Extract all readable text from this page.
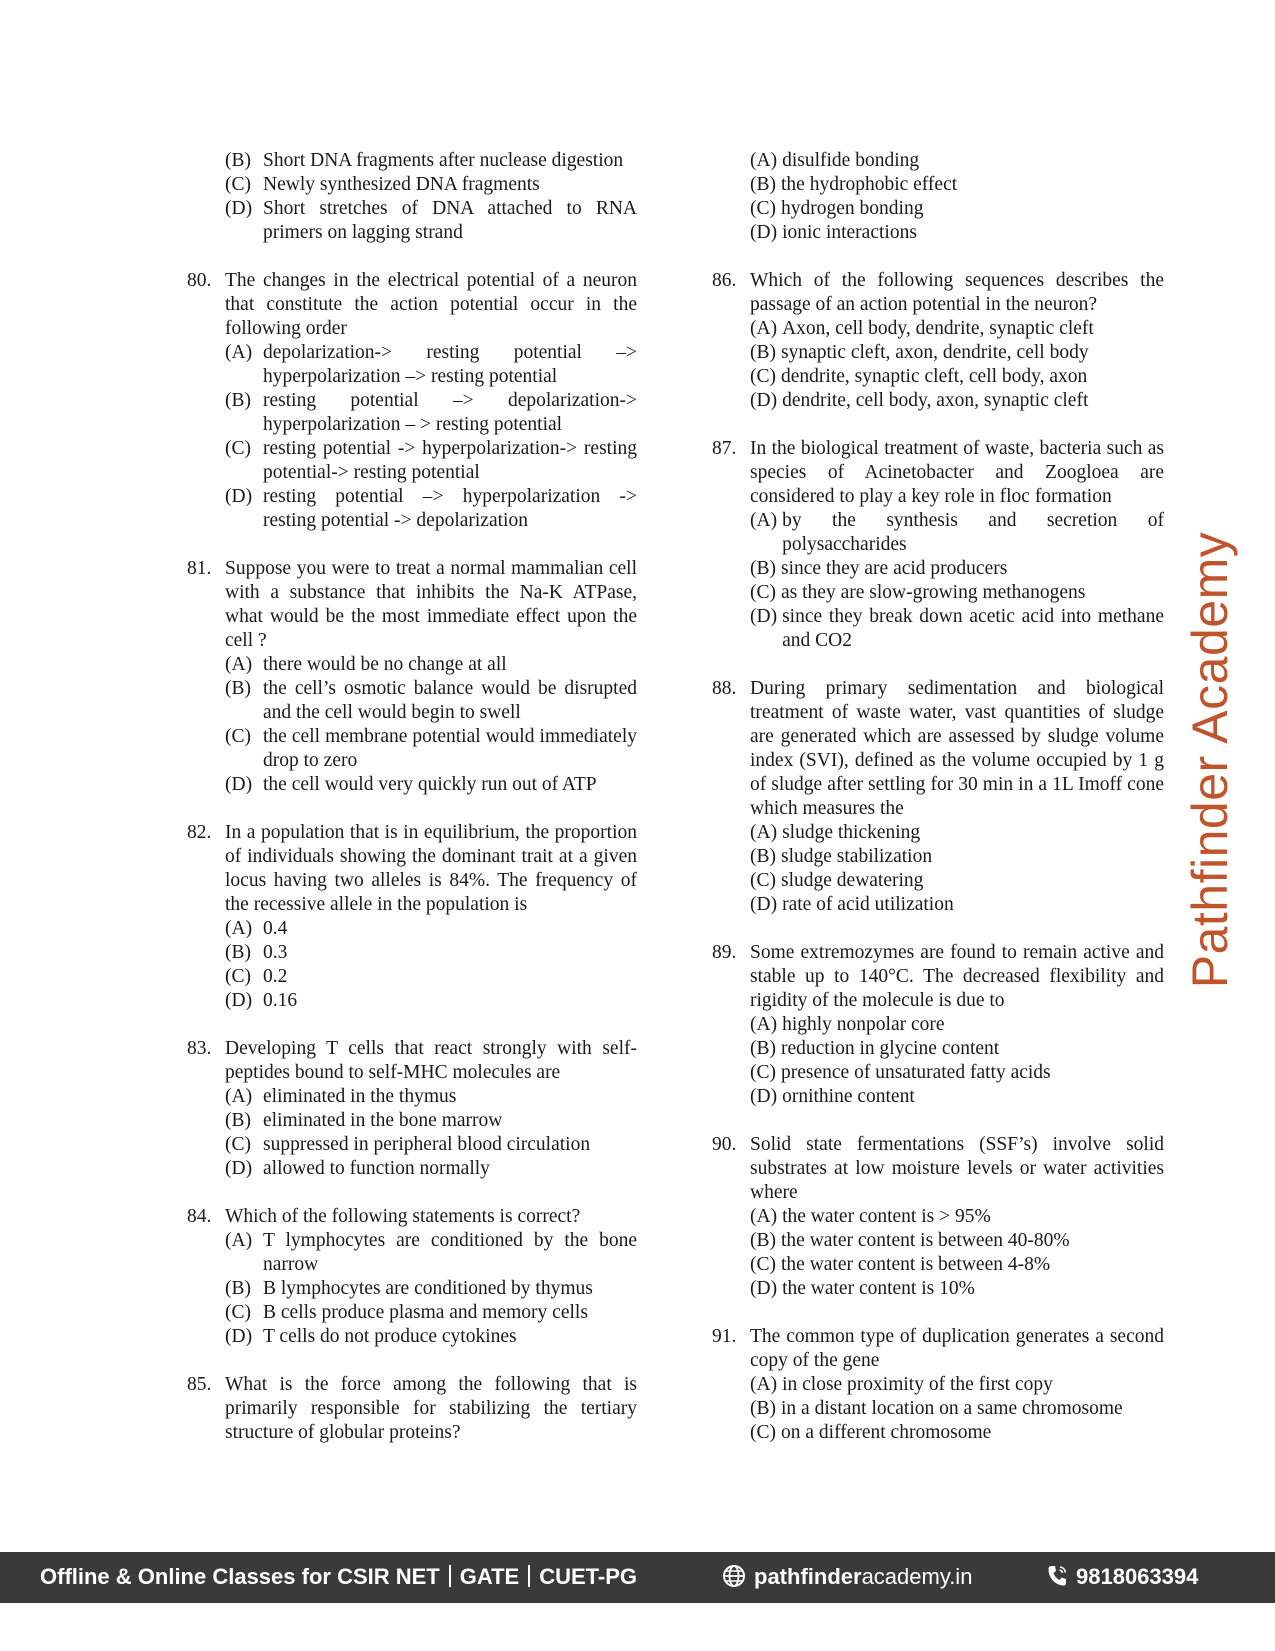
(B) Short DNA fragments after nuclease digestion
(C) Newly synthesized DNA fragments
(D) Short stretches of DNA attached to RNA primers on lagging strand
80. The changes in the electrical potential of a neuron that constitute the action potential occur in the following order
(A) depolarization-> resting potential –> hyperpolarization –> resting potential
(B) resting potential –> depolarization-> hyperpolarization – > resting potential
(C) resting potential -> hyperpolarization-> resting potential-> resting potential
(D) resting potential –> hyperpolarization -> resting potential -> depolarization
81. Suppose you were to treat a normal mammalian cell with a substance that inhibits the Na-K ATPase, what would be the most immediate effect upon the cell ?
(A) there would be no change at all
(B) the cell’s osmotic balance would be disrupted and the cell would begin to swell
(C) the cell membrane potential would immediately drop to zero
(D) the cell would very quickly run out of ATP
82. In a population that is in equilibrium, the proportion of individuals showing the dominant trait at a given locus having two alleles is 84%. The frequency of the recessive allele in the population is
(A) 0.4
(B) 0.3
(C) 0.2
(D) 0.16
83. Developing T cells that react strongly with self-peptides bound to self-MHC molecules are
(A) eliminated in the thymus
(B) eliminated in the bone marrow
(C) suppressed in peripheral blood circulation
(D) allowed to function normally
84. Which of the following statements is correct?
(A) T lymphocytes are conditioned by the bone narrow
(B) B lymphocytes are conditioned by thymus
(C) B cells produce plasma and memory cells
(D) T cells do not produce cytokines
85. What is the force among the following that is primarily responsible for stabilizing the tertiary structure of globular proteins?
(A) disulfide bonding
(B) the hydrophobic effect
(C) hydrogen bonding
(D) ionic interactions
86. Which of the following sequences describes the passage of an action potential in the neuron?
(A) Axon, cell body, dendrite, synaptic cleft
(B) synaptic cleft, axon, dendrite, cell body
(C) dendrite, synaptic cleft, cell body, axon
(D) dendrite, cell body, axon, synaptic cleft
87. In the biological treatment of waste, bacteria such as species of Acinetobacter and Zoogloea are considered to play a key role in floc formation
(A) by the synthesis and secretion of polysaccharides
(B) since they are acid producers
(C) as they are slow-growing methanogens
(D) since they break down acetic acid into methane and CO2
88. During primary sedimentation and biological treatment of waste water, vast quantities of sludge are generated which are assessed by sludge volume index (SVI), defined as the volume occupied by 1 g of sludge after settling for 30 min in a 1L Imoff cone which measures the
(A) sludge thickening
(B) sludge stabilization
(C) sludge dewatering
(D) rate of acid utilization
89. Some extremozymes are found to remain active and stable up to 140°C. The decreased flexibility and rigidity of the molecule is due to
(A) highly nonpolar core
(B) reduction in glycine content
(C) presence of unsaturated fatty acids
(D) ornithine content
90. Solid state fermentations (SSF’s) involve solid substrates at low moisture levels or water activities where
(A) the water content is > 95%
(B) the water content is between 40-80%
(C) the water content is between 4-8%
(D) the water content is 10%
91. The common type of duplication generates a second copy of the gene
(A) in close proximity of the first copy
(B) in a distant location on a same chromosome
(C) on a different chromosome
Pathfinder Academy
Offline & Online Classes for CSIR NET GATE CUET-PG	pathfinderacademy.in	9818063394
